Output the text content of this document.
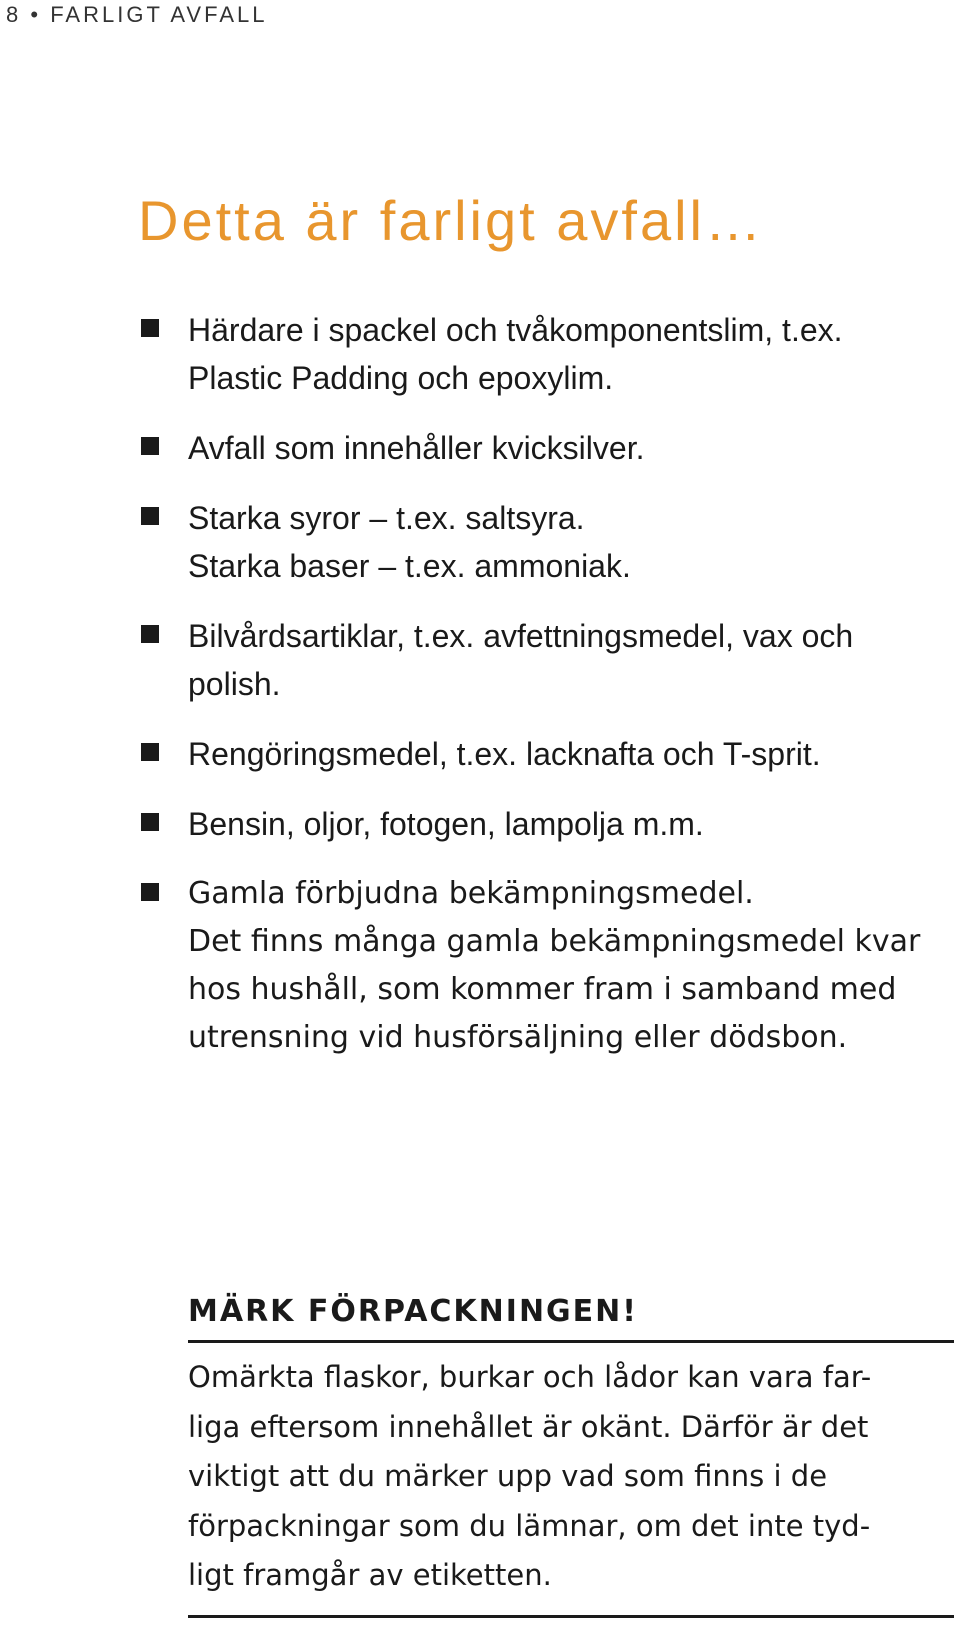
8 • FARLIGT AVFALL
Detta är farligt avfall…
Härdare i spackel och tvåkomponentslim, t.ex.
Plastic Padding och epoxylim.
Avfall som innehåller kvicksilver.
Starka syror – t.ex. saltsyra.
Starka baser – t.ex. ammoniak.
Bilvårdsartiklar, t.ex. avfettningsmedel, vax och
polish.
Rengöringsmedel, t.ex. lacknafta och T-sprit.
Bensin, oljor, fotogen, lampolja m.m.
Gamla förbjudna bekämpningsmedel.
Det finns många gamla bekämpningsmedel kvar
hos hushåll, som kommer fram i samband med
utrensning vid husförsäljning eller dödsbon.
MÄRK FÖRPACKNINGEN!
Omärkta flaskor, burkar och lådor kan vara far-
liga eftersom innehållet är okänt. Därför är det
viktigt att du märker upp vad som finns i de
förpackningar som du lämnar, om det inte tyd-
ligt framgår av etiketten.
